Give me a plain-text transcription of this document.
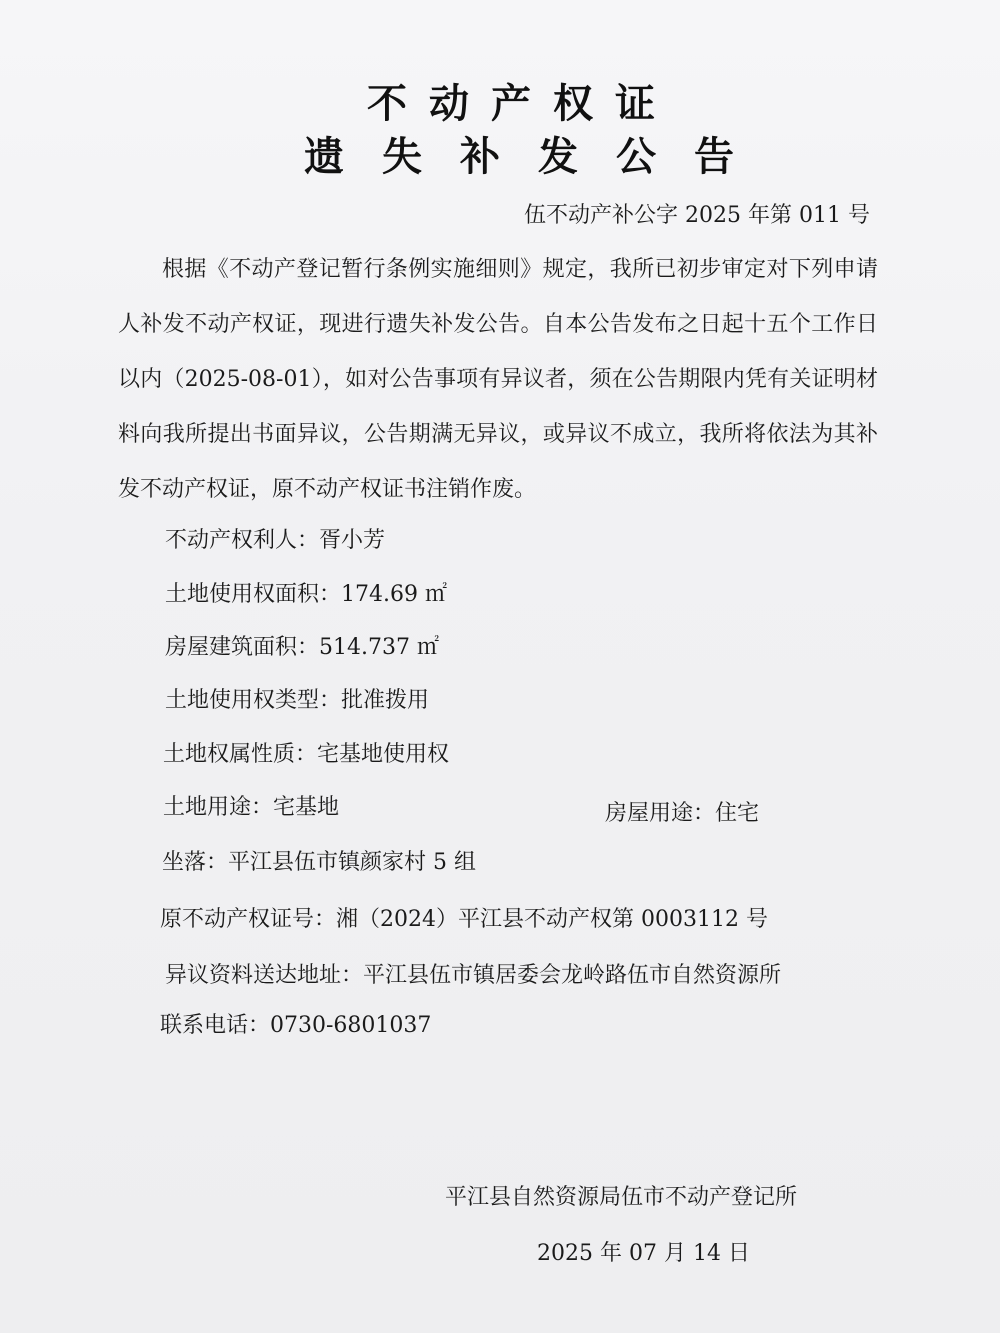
不动产权证
遗失补发公告
伍不动产补公字 2025 年第 011 号
根据《不动产登记暂行条例实施细则》规定，我所已初步审定对下列申请人补发不动产权证，现进行遗失补发公告。自本公告发布之日起十五个工作日以内（2025-08-01），如对公告事项有异议者，须在公告期限内凭有关证明材料向我所提出书面异议，公告期满无异议，或异议不成立，我所将依法为其补发不动产权证，原不动产权证书注销作废。
不动产权利人：胥小芳
土地使用权面积：174.69 ㎡
房屋建筑面积：514.737 ㎡
土地使用权类型：批准拨用
土地权属性质：宅基地使用权
土地用途：宅基地	房屋用途：住宅
坐落：平江县伍市镇颜家村 5 组
原不动产权证号：湘（2024）平江县不动产权第 0003112 号
异议资料送达地址：平江县伍市镇居委会龙岭路伍市自然资源所
联系电话：0730-6801037
平江县自然资源局伍市不动产登记所
2025 年 07 月 14 日
